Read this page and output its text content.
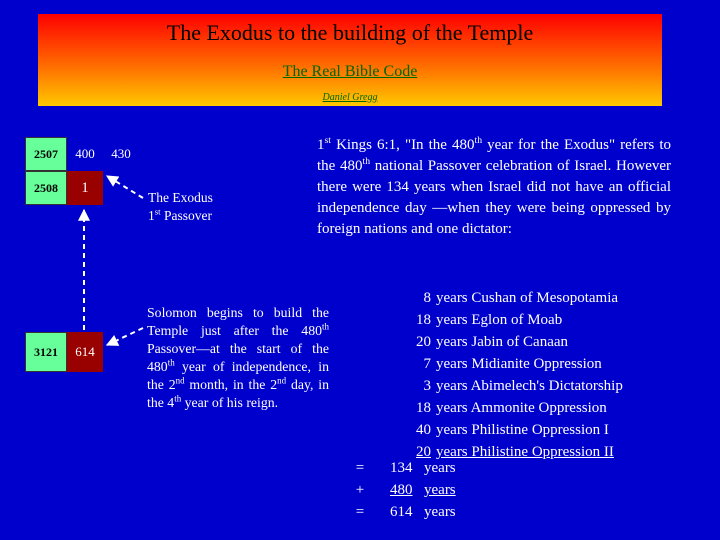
The Exodus to the building of the Temple
The Real Bible Code
Daniel Gregg
2507 400 430
2508 1
3121 614
The Exodus
1st Passover
1st Kings 6:1, "In the 480th year for the Exodus" refers to the 480th national Passover celebration of Israel. However there were 134 years when Israel did not have an official independence day —when they were being oppressed by foreign nations and one dictator:
Solomon begins to build the Temple just after the 480th Passover—at the start of the 480th year of independence, in the 2nd month, in the 2nd day, in the 4th year of his reign.
8 years Cushan of Mesopotamia
18 years Eglon of Moab
20 years Jabin of Canaan
7 years Midianite Oppression
3 years Abimelech's Dictatorship
18 years Ammonite Oppression
40 years Philistine Oppression I
20 years Philistine Oppression II
=	134 years
+	480 years
=	614 years
